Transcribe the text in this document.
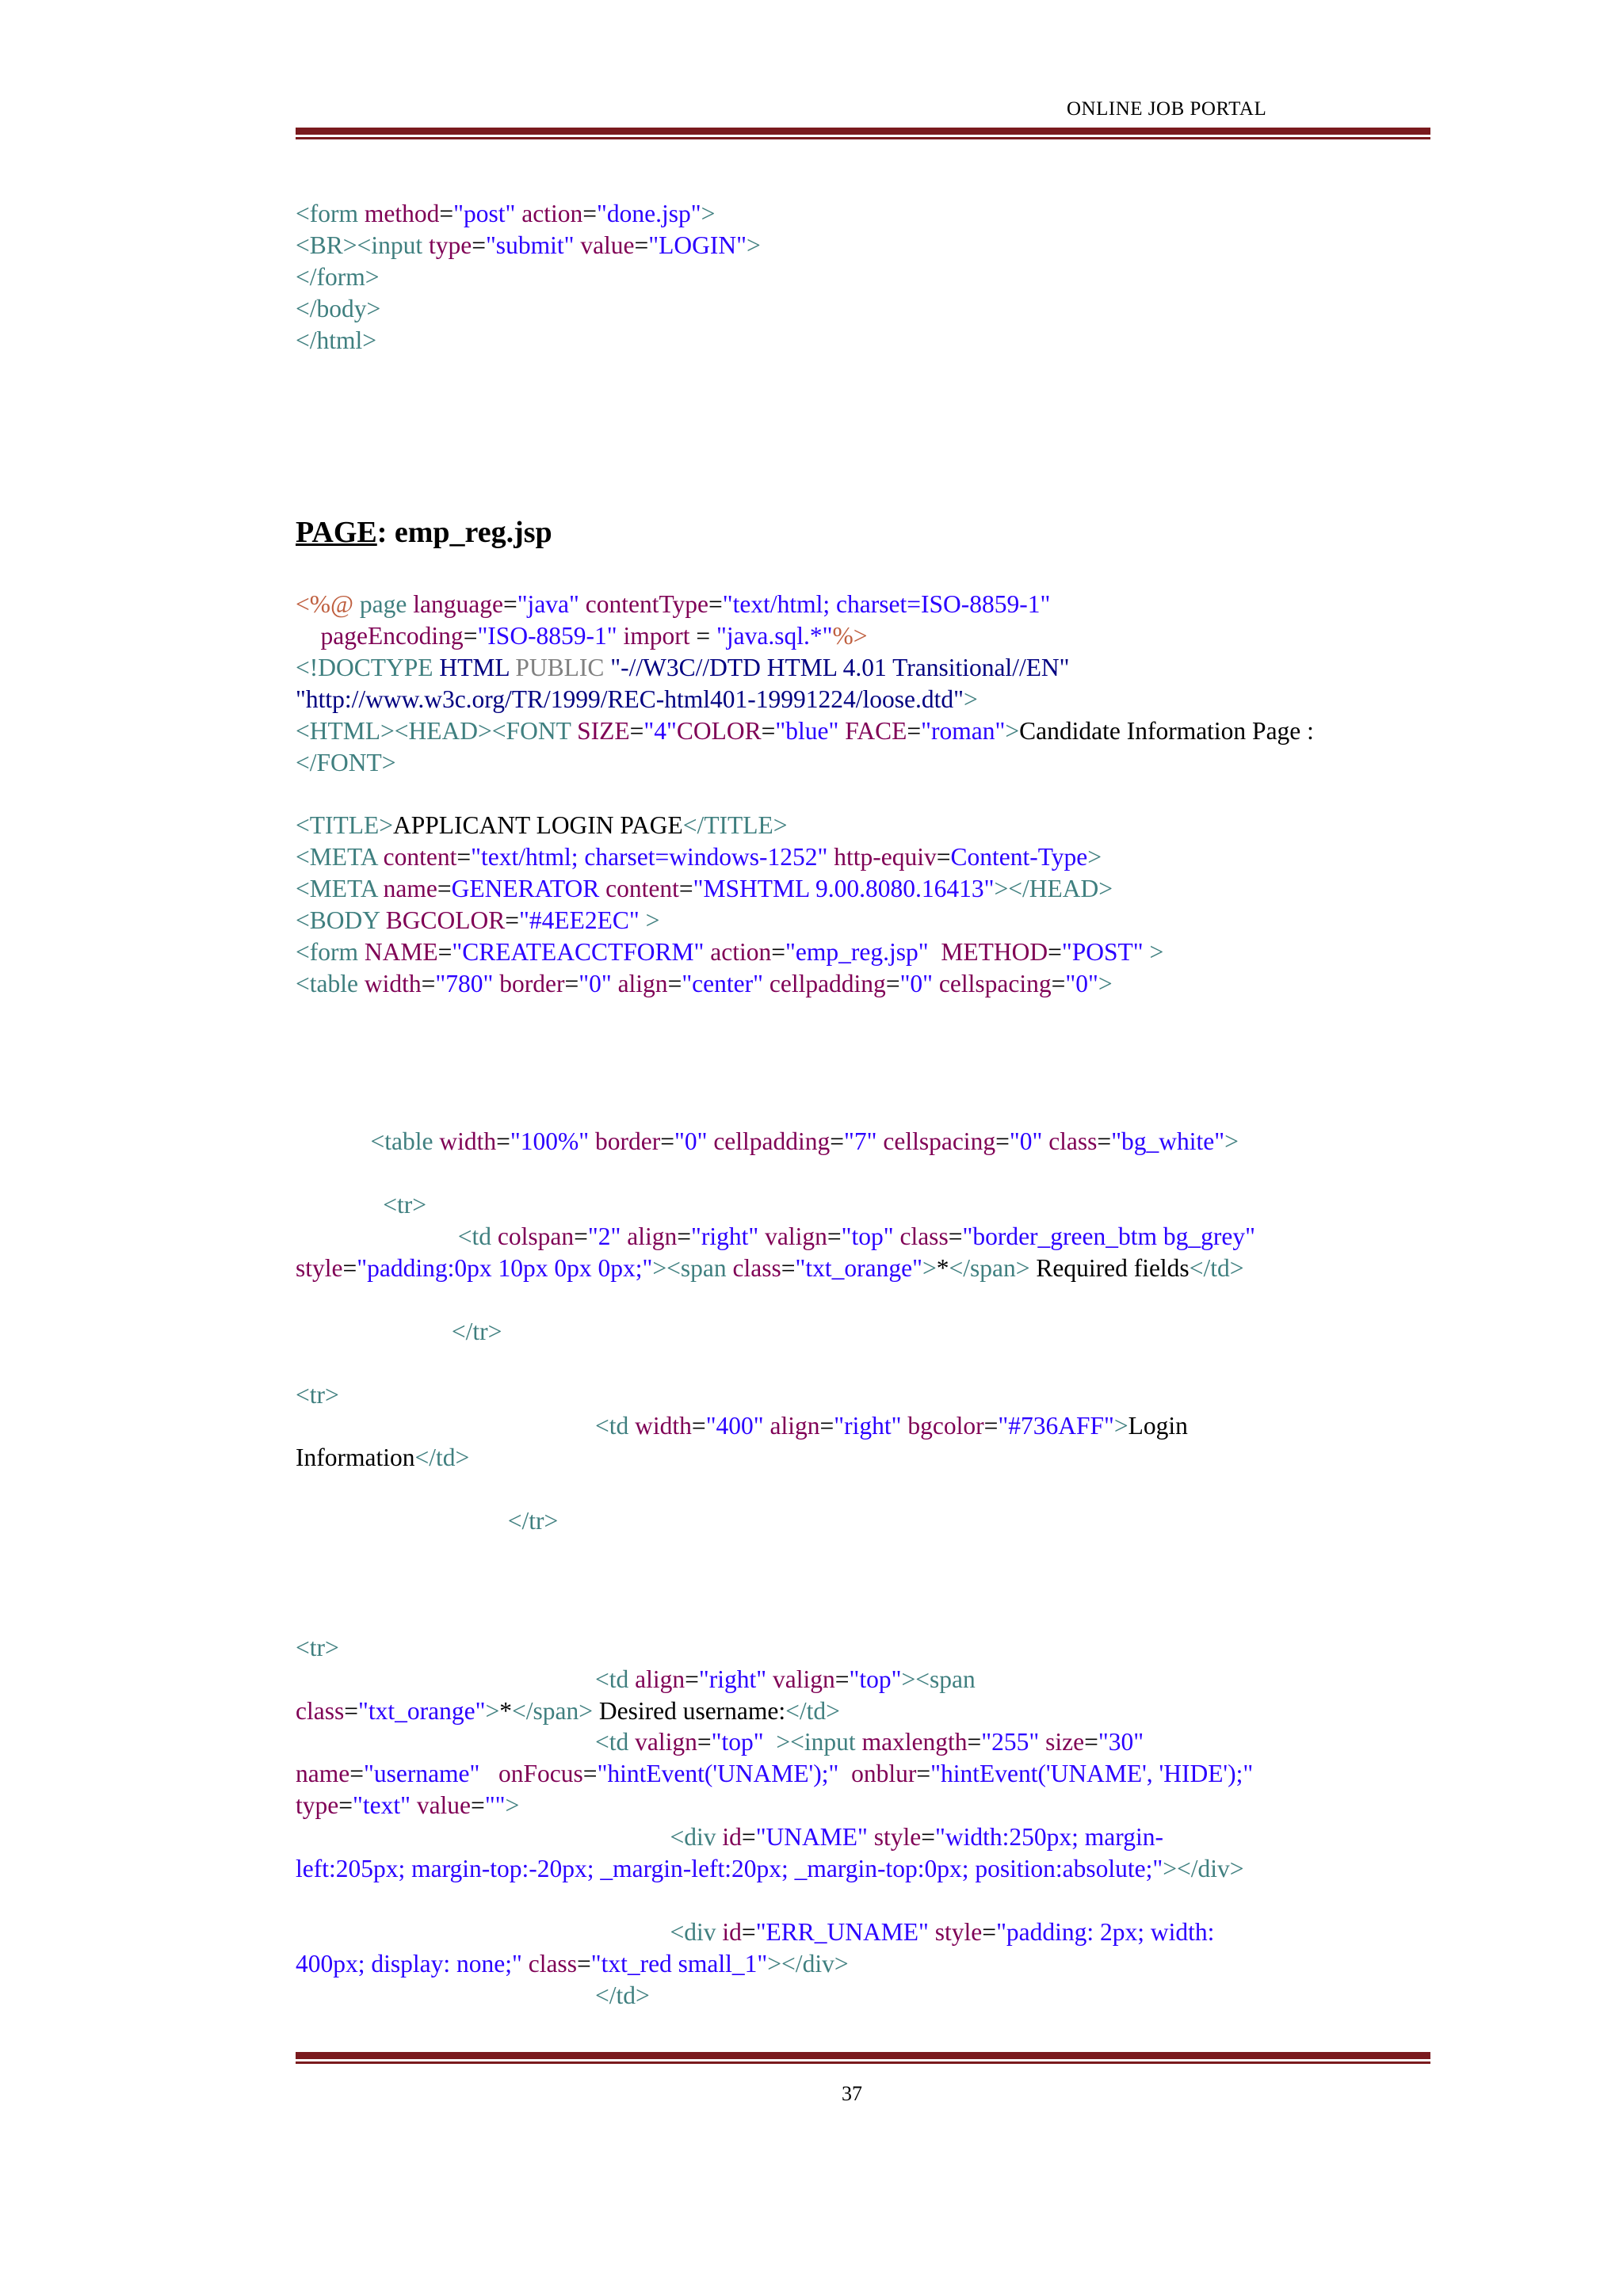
ONLINE JOB PORTAL
<form method="post" action="done.jsp">
<BR><input type="submit" value="LOGIN">
</form>
</body>
</html>
PAGE: emp_reg.jsp
<%@ page language="java" contentType="text/html; charset=ISO-8859-1"
pageEncoding="ISO-8859-1" import = "java.sql.*"%>
<!DOCTYPE HTML PUBLIC "-//W3C//DTD HTML 4.01 Transitional//EN"
"http://www.w3c.org/TR/1999/REC-html401-19991224/loose.dtd">
<HTML><HEAD><FONT SIZE="4"COLOR="blue" FACE="roman">Candidate Information Page :
</FONT>
<TITLE>APPLICANT LOGIN PAGE</TITLE>
<META content="text/html; charset=windows-1252" http-equiv=Content-Type>
<META name=GENERATOR content="MSHTML 9.00.8080.16413"></HEAD>
<BODY BGCOLOR="#4EE2EC" >
<form NAME="CREATEACCTFORM" action="emp_reg.jsp" METHOD="POST" >
<table width="780" border="0" align="center" cellpadding="0" cellspacing="0">
<table width="100%" border="0" cellpadding="7" cellspacing="0" class="bg_white">
<tr>
<td colspan="2" align="right" valign="top" class="border_green_btm bg_grey"
style="padding:0px 10px 0px 0px;"><span class="txt_orange">*</span> Required fields</td>
</tr>
<tr>
<td width="400" align="right" bgcolor="#736AFF">Login
Information</td>
</tr>
<tr>
<td align="right" valign="top"><span
class="txt_orange">*</span> Desired username:</td>
<td valign="top"  ><input maxlength="255" size="30"
name="username" onFocus="hintEvent('UNAME');" onblur="hintEvent('UNAME', 'HIDE');"
type="text" value="">
<div id="UNAME" style="width:250px; margin-
left:205px; margin-top:-20px; _margin-left:20px; _margin-top:0px; position:absolute;"></div>
<div id="ERR_UNAME" style="padding: 2px; width:
400px; display: none;" class="txt_red small_1"></div>
</td>
37
